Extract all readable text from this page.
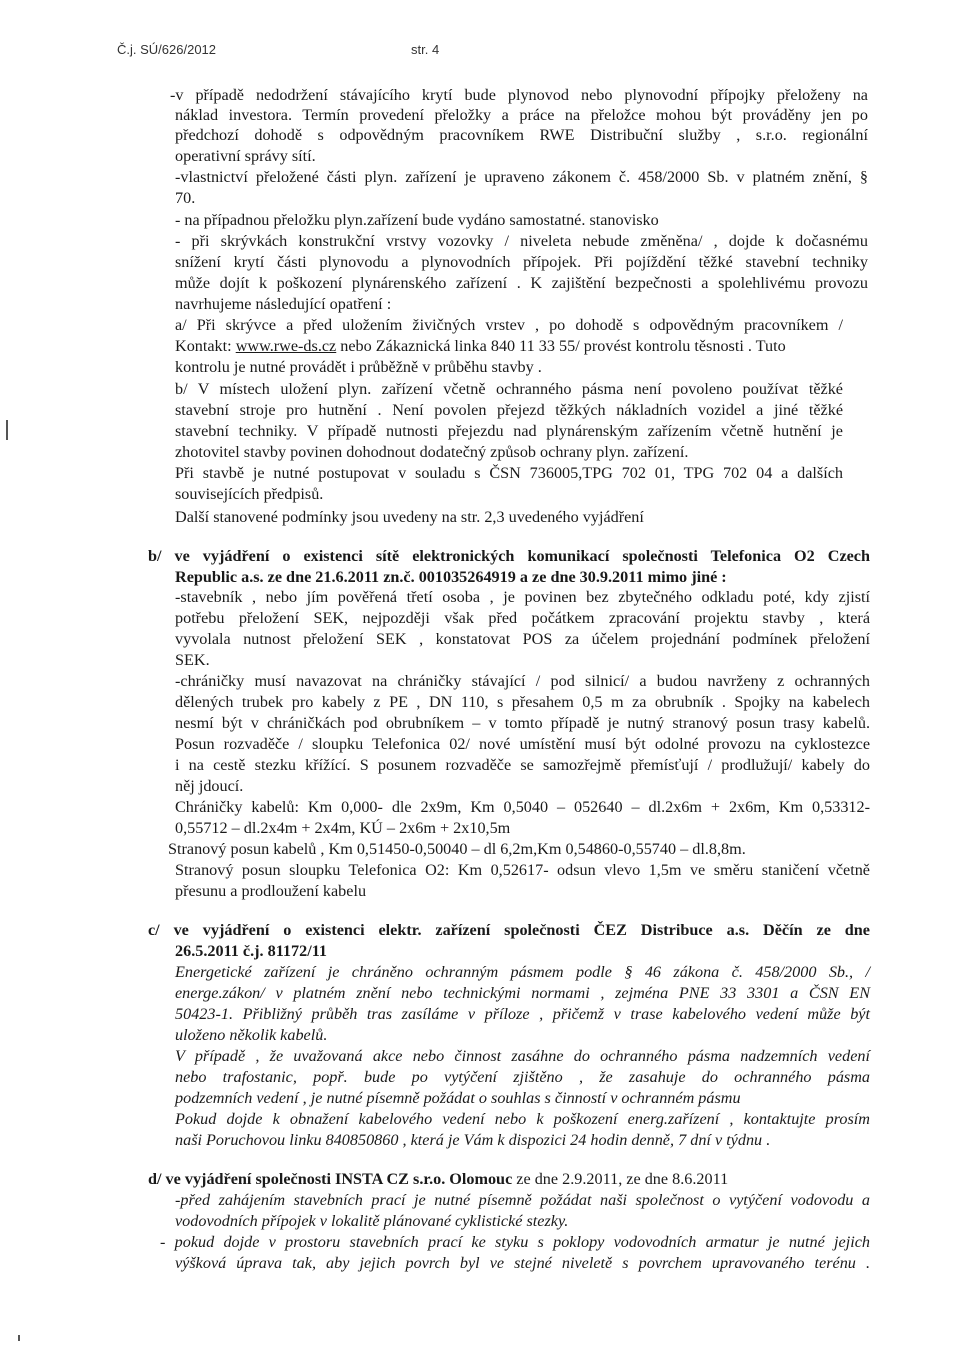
Č.j. SÚ/626/2012	str. 4
-v případě nedodržení stávajícího krytí bude plynovod nebo plynovodní přípojky přeloženy na
náklad investora. Termín provedení přeložky a práce na přeložce mohou být prováděny jen po
předchozí dohodě s odpovědným pracovníkem RWE Distribuční služby , s.r.o. regionální
operativní správy sítí.
-vlastnictví přeložené části plyn. zařízení je upraveno zákonem č. 458/2000 Sb. v platném znění, §
70.
- na případnou přeložku plyn.zařízení bude vydáno samostatné. stanovisko
- při skrývkách konstrukční vrstvy vozovky / niveleta nebude změněna/ , dojde k dočasnému
snížení krytí části plynovodu a plynovodních přípojek. Při pojíždění těžké stavební techniky
může dojít k poškození plynárenského zařízení . K zajištění bezpečnosti a spolehlivému provozu
navrhujeme následující opatření :
a/ Při skrývce a před uložením živičných vrstev , po dohodě s odpovědným pracovníkem /
Kontakt: www.rwe-ds.cz nebo Zákaznická linka 840 11 33 55/ provést kontrolu těsnosti . Tuto
kontrolu je nutné provádět i průběžně v průběhu stavby .
b/ V místech uložení plyn. zařízení včetně ochranného pásma není povoleno používat těžké
stavební stroje pro hutnění . Není povolen přejezd těžkých nákladních vozidel a jiné těžké
stavební techniky. V případě nutnosti přejezdu nad plynárenským zařízením včetně hutnění je
zhotovitel stavby povinen dohodnout dodatečný způsob ochrany plyn. zařízení.
Při stavbě je nutné postupovat v souladu s ČSN 736005,TPG 702 01, TPG 702 04 a dalších
souvisejících předpisů.
Další stanovené podmínky jsou uvedeny na str. 2,3 uvedeného vyjádření
b/ ve vyjádření o existenci sítě elektronických komunikací společnosti Telefonica O2 Czech
Republic a.s. ze dne 21.6.2011 zn.č. 001035264919 a ze dne 30.9.2011 mimo jiné :
-stavebník , nebo jím pověřená třetí osoba , je povinen bez zbytečného odkladu poté, kdy zjistí
potřebu přeložení SEK, nejpozději však před počátkem zpracování projektu stavby , která
vyvolala nutnost přeložení SEK , konstatovat POS za účelem projednání podmínek přeložení
SEK.
-chráničky musí navazovat na chráničky stávající / pod silnicí/ a budou navrženy z ochranných
dělených trubek pro kabely z PE , DN 110, s přesahem 0,5 m za obrubník . Spojky na kabelech
nesmí být v chráničkách pod obrubníkem – v tomto případě je nutný stranový posun trasy kabelů.
Posun rozvaděče / sloupku Telefonica 02/ nové umístění musí být odolné provozu na cyklostezce
i na cestě stezku křížící. S posunem rozvaděče se samozřejmě přemísťují / prodlužují/ kabely do
něj jdoucí.
Chráničky kabelů: Km 0,000- dle 2x9m, Km 0,5040 – 052640 – dl.2x6m + 2x6m, Km 0,53312-
0,55712 – dl.2x4m + 2x4m, KÚ – 2x6m + 2x10,5m
Stranový posun kabelů , Km 0,51450-0,50040 – dl 6,2m,Km 0,54860-0,55740 – dl.8,8m.
Stranový posun sloupku Telefonica O2: Km 0,52617- odsun vlevo 1,5m ve směru staničení včetně
přesunu a prodloužení kabelu
c/ ve vyjádření o existenci elektr. zařízení společnosti ČEZ Distribuce a.s. Děčín ze dne
26.5.2011 č.j. 81172/11
Energetické zařízení je chráněno ochranným pásmem podle § 46 zákona č. 458/2000 Sb., /
energe.zákon/ v platném znění nebo technickými normami , zejména PNE 33 3301 a ČSN EN
50423-1. Přibližný průběh tras zasíláme v příloze , přičemž v trase kabelového vedení může být
uloženo několik kabelů.
V případě , že uvažovaná akce nebo činnost zasáhne do ochranného pásma nadzemních vedení
nebo trafostanic, popř. bude po vytýčení zjištěno , že zasahuje do ochranného pásma
podzemních vedení , je nutné písemně požádat o souhlas s činností v ochranném pásmu
Pokud dojde k obnažení kabelového vedení nebo k poškození energ.zařízení , kontaktujte prosím
naši Poruchovou linku 840850860 , která je Vám k dispozici 24 hodin denně, 7 dní v týdnu .
d/ ve vyjádření společnosti INSTA CZ s.r.o. Olomouc ze dne 2.9.2011, ze dne 8.6.2011
-před zahájením stavebních prací je nutné písemně požádat naši společnost o vytýčení vodovodu a
vodovodních přípojek v lokalitě plánované cyklistické stezky.
- pokud dojde v prostoru stavebních prací ke styku s poklopy vodovodních armatur je nutné jejich
výšková úprava tak, aby jejich povrch byl ve stejné niveletě s povrchem upravovaného terénu .
